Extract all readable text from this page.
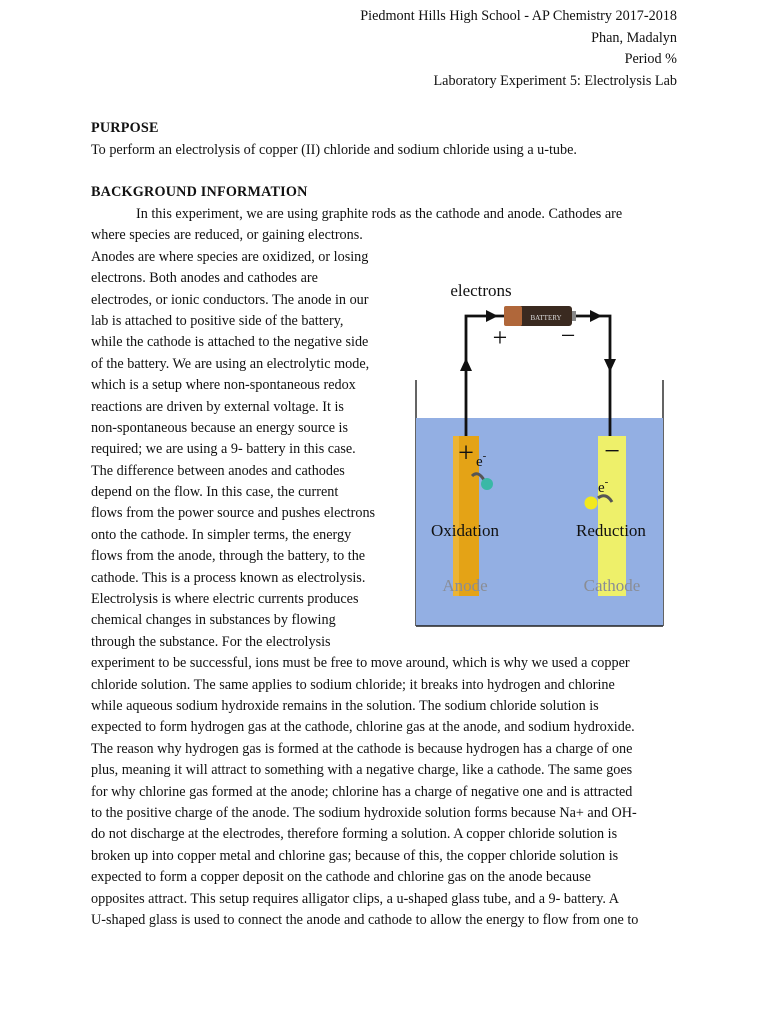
Piedmont Hills High School - AP Chemistry 2017-2018
Phan, Madalyn
Period %
Laboratory Experiment 5: Electrolysis Lab
PURPOSE
To perform an electrolysis of copper (II) chloride and sodium chloride using a u-tube.
BACKGROUND INFORMATION
In this experiment, we are using graphite rods as the cathode and anode. Cathodes are
where species are reduced, or gaining electrons.
Anodes are where species are oxidized, or losing
electrons. Both anodes and cathodes are
electrodes, or ionic conductors. The anode in our
lab is attached to positive side of the battery,
while the cathode is attached to the negative side
of the battery. We are using an electrolytic mode,
which is a setup where non-spontaneous redox
reactions are driven by external voltage. It is
non-spontaneous because an energy source is
required; we are using a 9- battery in this case.
The difference between anodes and cathodes
depend on the flow. In this case, the current
flows from the power source and pushes electrons
onto the cathode. In simpler terms, the energy
flows from the anode, through the battery, to the
cathode. This is a process known as electrolysis.
Electrolysis is where electric currents produces
chemical changes in substances by flowing
through the substance. For the electrolysis
experiment to be successful, ions must be free to move around, which is why we used a copper
chloride solution. The same applies to sodium chloride; it breaks into hydrogen and chlorine
while aqueous sodium hydroxide remains in the solution. The sodium chloride solution is
expected to form hydrogen gas at the cathode, chlorine gas at the anode, and sodium hydroxide.
The reason why hydrogen gas is formed at the cathode is because hydrogen has a charge of one
plus, meaning it will attract to something with a negative charge, like a cathode. The same goes
for why chlorine gas formed at the anode; chlorine has a charge of negative one and is attracted
to the positive charge of the anode. The sodium hydroxide solution forms because Na+ and OH-
do not discharge at the electrodes, therefore forming a solution. A copper chloride solution is
broken up into copper metal and chlorine gas; because of this, the copper chloride solution is
expected to form a copper deposit on the cathode and chlorine gas on the anode because
opposites attract. This setup requires alligator clips, a u-shaped glass tube, and a 9- battery. A
U-shaped glass is used to connect the anode and cathode to allow the energy to flow from one to
BATTERY
electrons
+ −
+	−
e-
e-
Oxidation	Reduction
Anode	Cathode
